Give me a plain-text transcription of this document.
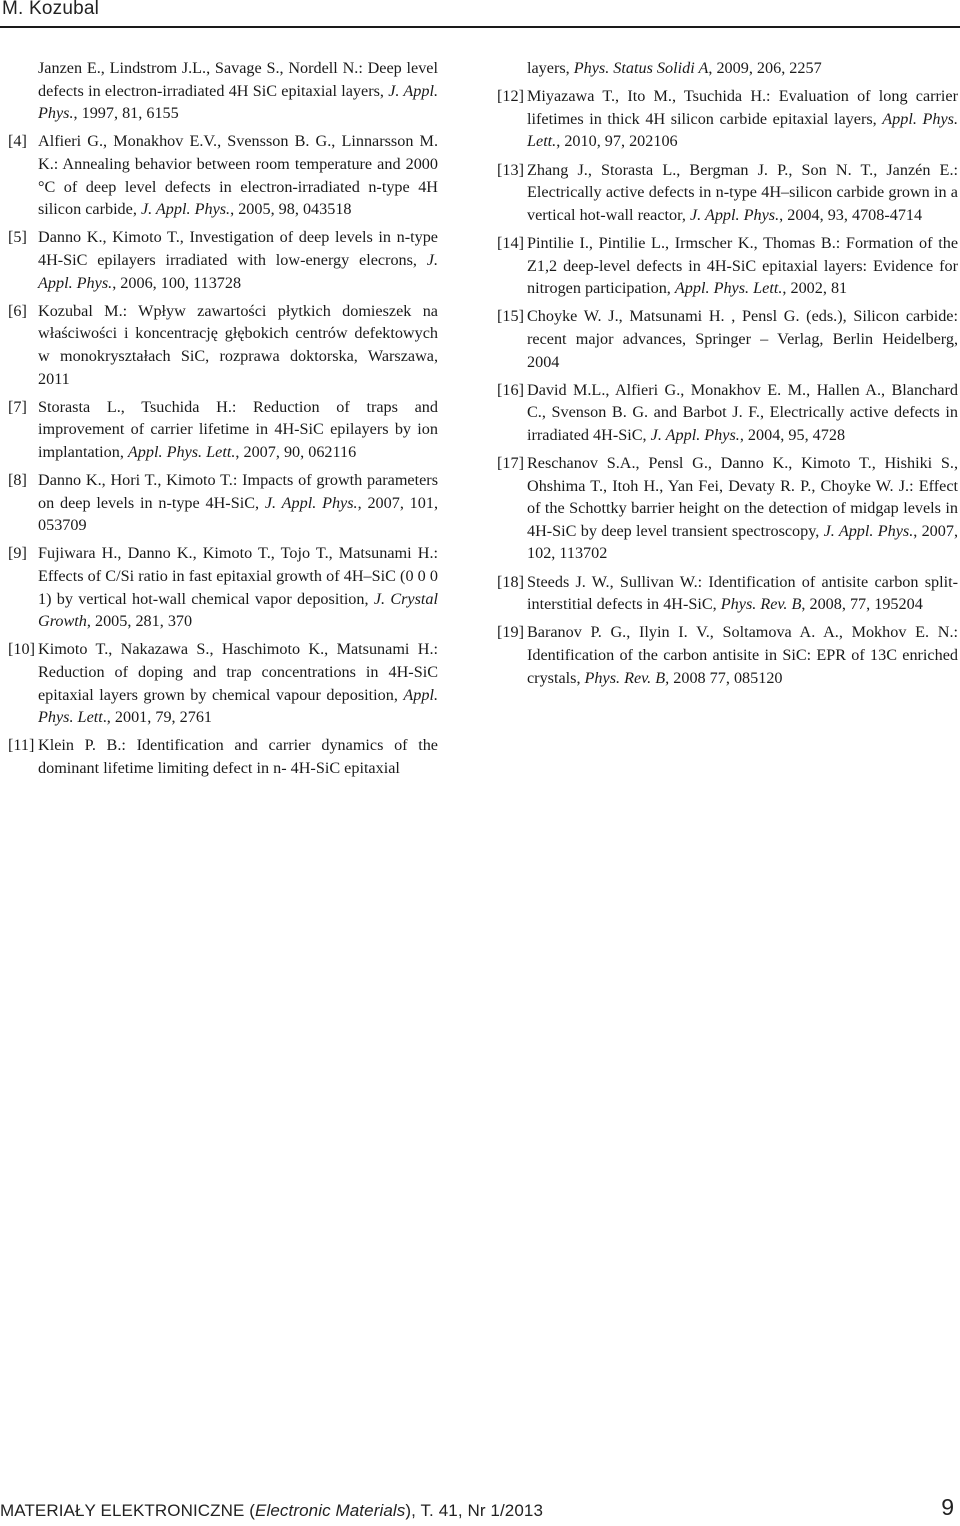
M. Kozubal
Janzen E., Lindstrom J.L., Savage S., Nordell N.: Deep level defects in electron-irradiated 4H SiC epitaxial layers, J. Appl. Phys., 1997, 81, 6155
[4] Alfieri G., Monakhov E.V., Svensson B. G., Linnarsson M. K.: Annealing behavior between room temperature and 2000 °C of deep level defects in electron-irradiated n-type 4H silicon carbide, J. Appl. Phys., 2005, 98, 043518
[5] Danno K., Kimoto T., Investigation of deep levels in n-type 4H-SiC epilayers irradiated with low-energy elecrons, J. Appl. Phys., 2006, 100, 113728
[6] Kozubal M.: Wpływ zawartości płytkich domieszek na właściwości i koncentrację głębokich centrów defektowych w monokryształach SiC, rozprawa doktorska, Warszawa, 2011
[7] Storasta L., Tsuchida H.: Reduction of traps and improvement of carrier lifetime in 4H-SiC epilayers by ion implantation, Appl. Phys. Lett., 2007, 90, 062116
[8] Danno K., Hori T., Kimoto T.: Impacts of growth parameters on deep levels in n-type 4H-SiC, J. Appl. Phys., 2007, 101, 053709
[9] Fujiwara H., Danno K., Kimoto T., Tojo T., Matsunami H.: Effects of C/Si ratio in fast epitaxial growth of 4H–SiC (0 0 0 1) by vertical hot-wall chemical vapor deposition, J. Crystal Growth, 2005, 281, 370
[10] Kimoto T., Nakazawa S., Haschimoto K., Matsunami H.: Reduction of doping and trap concentrations in 4H-SiC epitaxial layers grown by chemical vapour deposition, Appl. Phys. Lett., 2001, 79, 2761
[11] Klein P. B.: Identification and carrier dynamics of the dominant lifetime limiting defect in n- 4H-SiC epitaxial
layers, Phys. Status Solidi A, 2009, 206, 2257
[12] Miyazawa T., Ito M., Tsuchida H.: Evaluation of long carrier lifetimes in thick 4H silicon carbide epitaxial layers, Appl. Phys. Lett., 2010, 97, 202106
[13] Zhang J., Storasta L., Bergman J. P., Son N. T., Janzén E.: Electrically active defects in n-type 4H–silicon carbide grown in a vertical hot-wall reactor, J. Appl. Phys., 2004, 93, 4708-4714
[14] Pintilie I., Pintilie L., Irmscher K., Thomas B.: Formation of the Z1,2 deep-level defects in 4H-SiC epitaxial layers: Evidence for nitrogen participation, Appl. Phys. Lett., 2002, 81
[15] Choyke W. J., Matsunami H. , Pensl G. (eds.), Silicon carbide: recent major advances, Springer – Verlag, Berlin Heidelberg, 2004
[16] David M.L., Alfieri G., Monakhov E. M., Hallen A., Blanchard C., Svenson B. G. and Barbot J. F., Electrically active defects in irradiated 4H-SiC, J. Appl. Phys., 2004, 95, 4728
[17] Reschanov S.A., Pensl G., Danno K., Kimoto T., Hishiki S., Ohshima T., Itoh H., Yan Fei, Devaty R. P., Choyke W. J.: Effect of the Schottky barrier height on the detection of midgap levels in 4H-SiC by deep level transient spectroscopy, J. Appl. Phys., 2007, 102, 113702
[18] Steeds J. W., Sullivan W.: Identification of antisite carbon split-interstitial defects in 4H-SiC, Phys. Rev. B, 2008, 77, 195204
[19] Baranov P. G., Ilyin I. V., Soltamova A. A., Mokhov E. N.: Identification of the carbon antisite in SiC: EPR of 13C enriched crystals, Phys. Rev. B, 2008 77, 085120
MATERIAŁY ELEKTRONICZNE (Electronic Materials), T. 41, Nr 1/2013	9
